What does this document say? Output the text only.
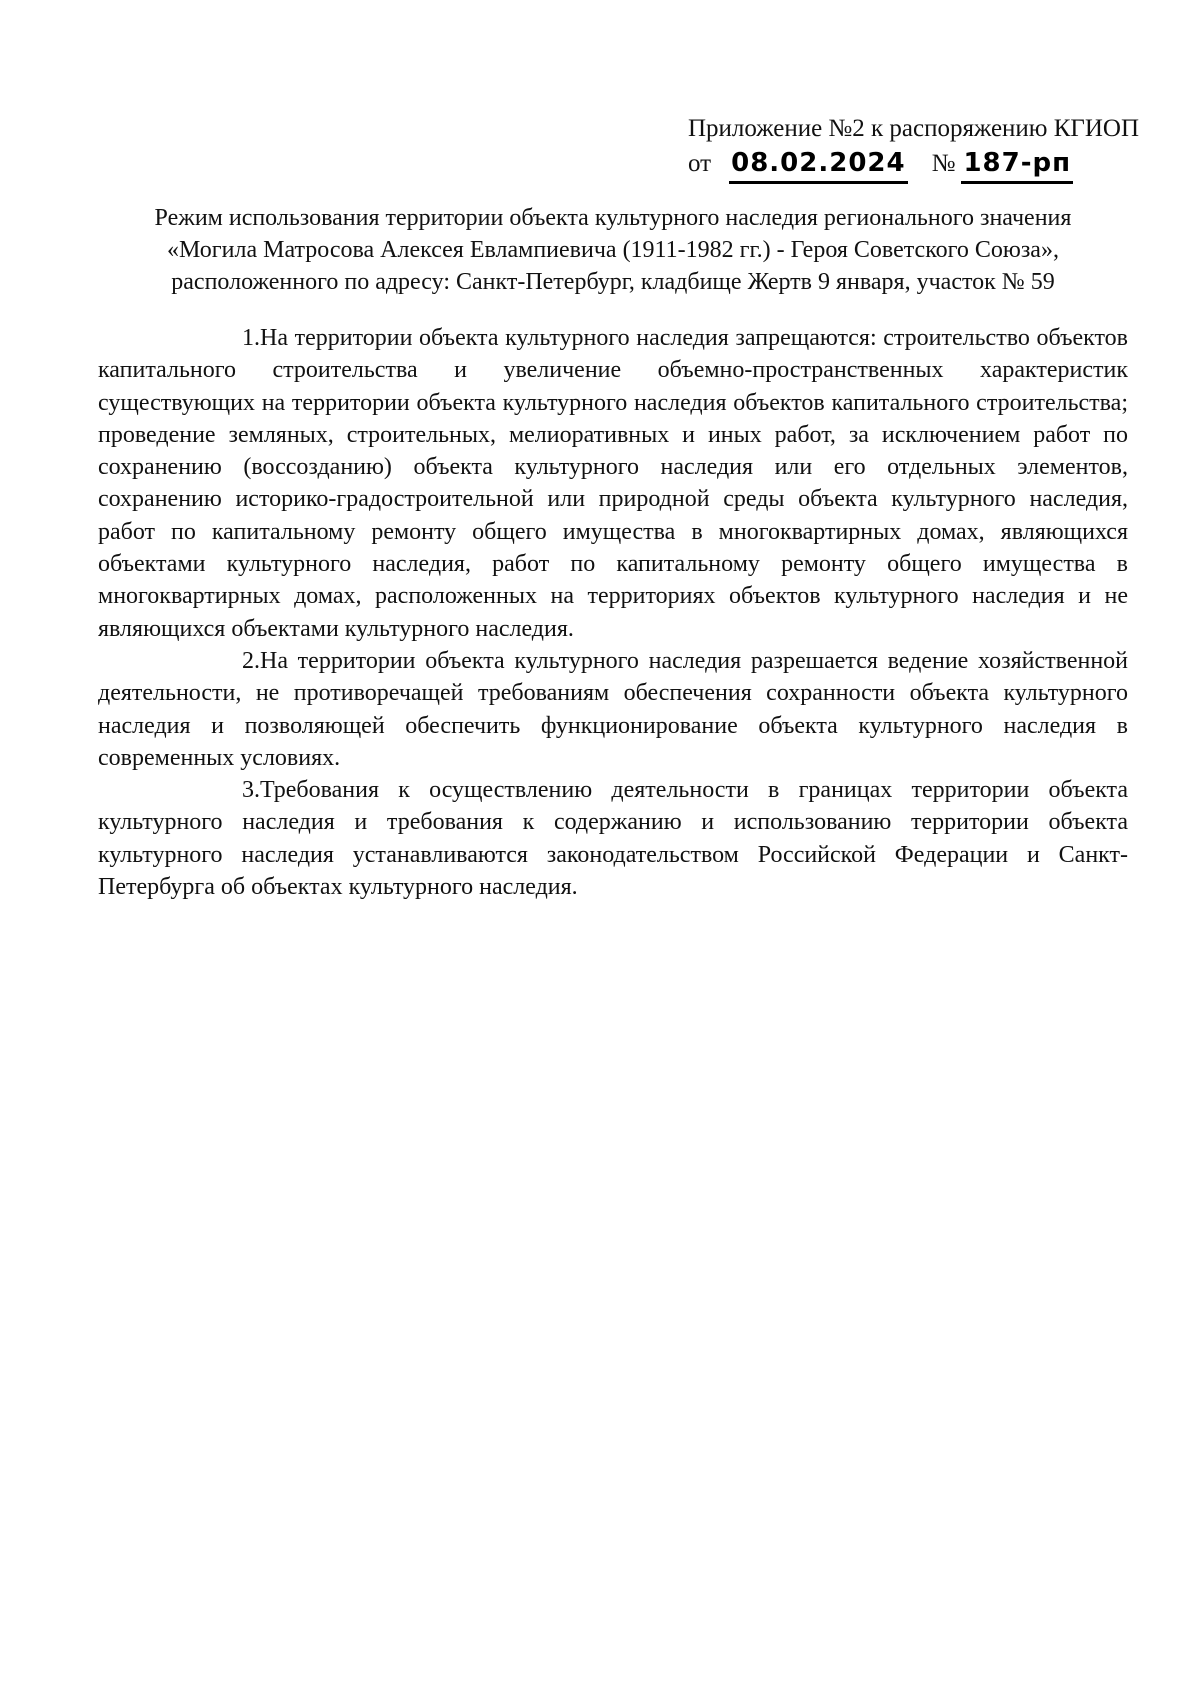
Приложение №2 к распоряжению КГИОП
от 08.02.2024 № 187-рп
Режим использования территории объекта культурного наследия регионального значения
«Могила Матросова Алексея Евлампиевича (1911-1982 гг.) - Героя Советского Союза»,
расположенного по адресу: Санкт-Петербург, кладбище Жертв 9 января, участок № 59

1.На территории объекта культурного наследия запрещаются: строительство объектов капитального строительства и увеличение объемно-пространственных характеристик существующих на территории объекта культурного наследия объектов капитального строительства; проведение земляных, строительных, мелиоративных и иных работ, за исключением работ по сохранению (воссозданию) объекта культурного наследия или его отдельных элементов, сохранению историко-градостроительной или природной среды объекта культурного наследия, работ по капитальному ремонту общего имущества в многоквартирных домах, являющихся объектами культурного наследия, работ по капитальному ремонту общего имущества в многоквартирных домах, расположенных на территориях объектов культурного наследия и не являющихся объектами культурного наследия.

2.На территории объекта культурного наследия разрешается ведение хозяйственной деятельности, не противоречащей требованиям обеспечения сохранности объекта культурного наследия и позволяющей обеспечить функционирование объекта культурного наследия в современных условиях.

3.Требования к осуществлению деятельности в границах территории объекта культурного наследия и требования к содержанию и использованию территории объекта культурного наследия устанавливаются законодательством Российской Федерации и Санкт-Петербурга об объектах культурного наследия.
